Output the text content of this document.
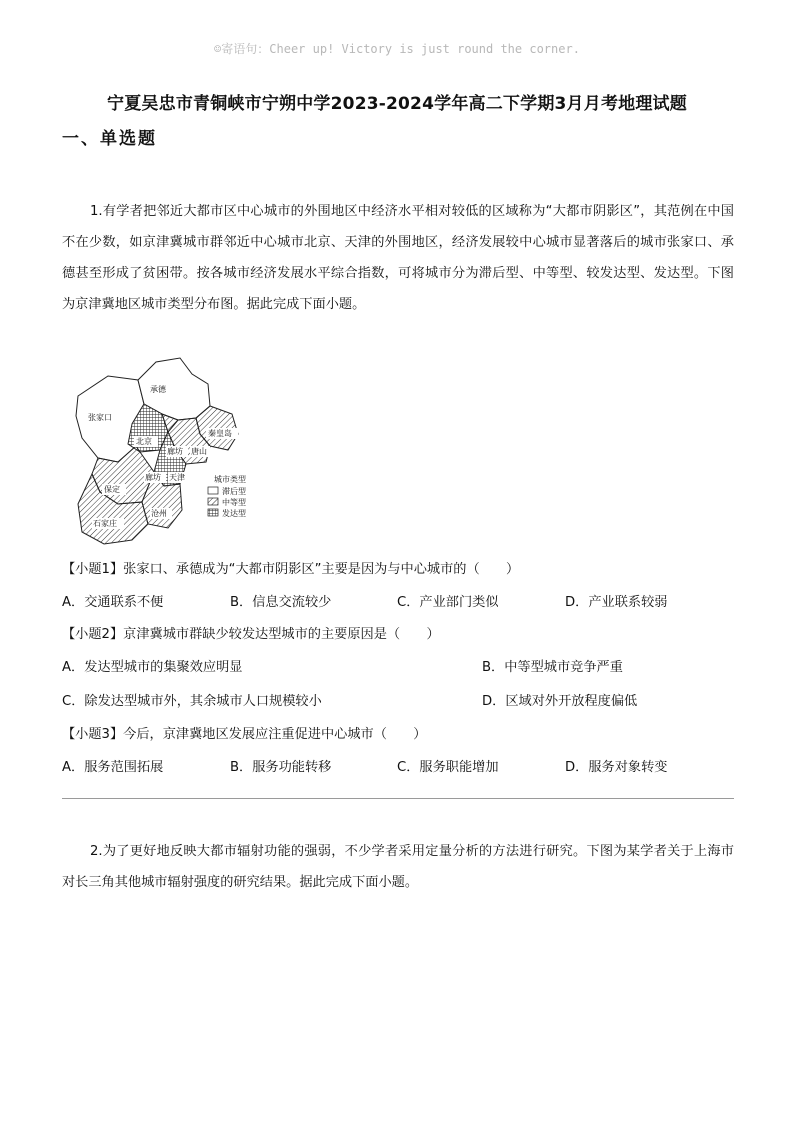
☺寄语句：Cheer up! Victory is just round the corner.
宁夏吴忠市青铜峡市宁朔中学2023-2024学年高二下学期3月月考地理试题
一、单选题
1.有学者把邻近大都市区中心城市的外围地区中经济水平相对较低的区域称为“大都市阴影区”，其范例在中国不在少数，如京津冀城市群邻近中心城市北京、天津的外围地区，经济发展较中心城市显著落后的城市张家口、承德甚至形成了贫困带。按各城市经济发展水平综合指数，可将城市分为滞后型、中等型、较发达型、发达型。下图为京津冀地区城市类型分布图。据此完成下面小题。
张家口
承德
北京
秦皇岛
廊坊 唐山
廊坊 天津
保定
沧州
石家庄
城市类型
滞后型
中等型
发达型
【小题1】张家口、承德成为“大都市阴影区”主要是因为与中心城市的（　　）
A．交通联系不便	B．信息交流较少	C．产业部门类似	D．产业联系较弱
【小题2】京津冀城市群缺少较发达型城市的主要原因是（　　）
A．发达型城市的集聚效应明显	B．中等型城市竞争严重
C．除发达型城市外，其余城市人口规模较小	D．区域对外开放程度偏低
【小题3】今后，京津冀地区发展应注重促进中心城市（　　）
A．服务范围拓展	B．服务功能转移	C．服务职能增加	D．服务对象转变
2.为了更好地反映大都市辐射功能的强弱，不少学者采用定量分析的方法进行研究。下图为某学者关于上海市对长三角其他城市辐射强度的研究结果。据此完成下面小题。
